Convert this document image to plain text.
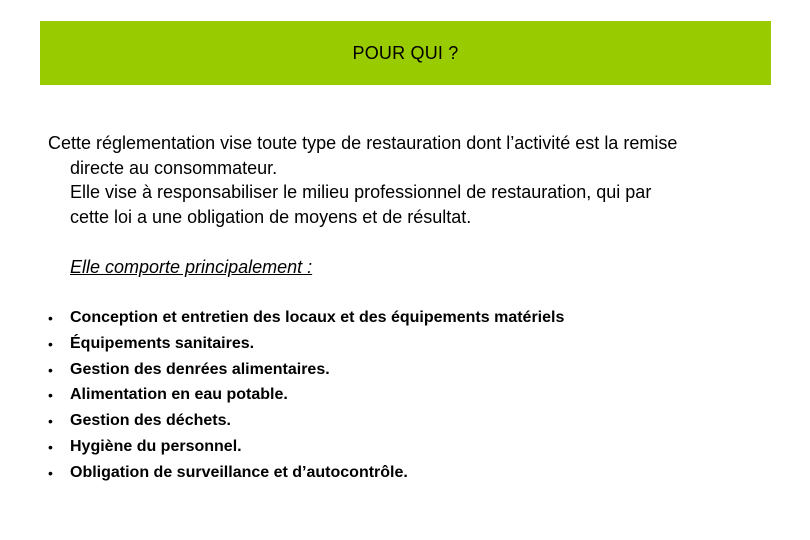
POUR QUI ?
Cette réglementation vise toute type de restauration dont l’activité est la remise
directe au consommateur.
Elle vise à responsabiliser le milieu professionnel de restauration, qui par
cette loi a une obligation de moyens et de résultat.
Elle comporte principalement :
•	Conception et entretien des locaux et des équipements matériels
•	Équipements sanitaires.
•	Gestion des denrées alimentaires.
•	Alimentation en eau potable.
•	Gestion des déchets.
•	Hygiène du personnel.
•	Obligation de surveillance et d’autocontrôle.
